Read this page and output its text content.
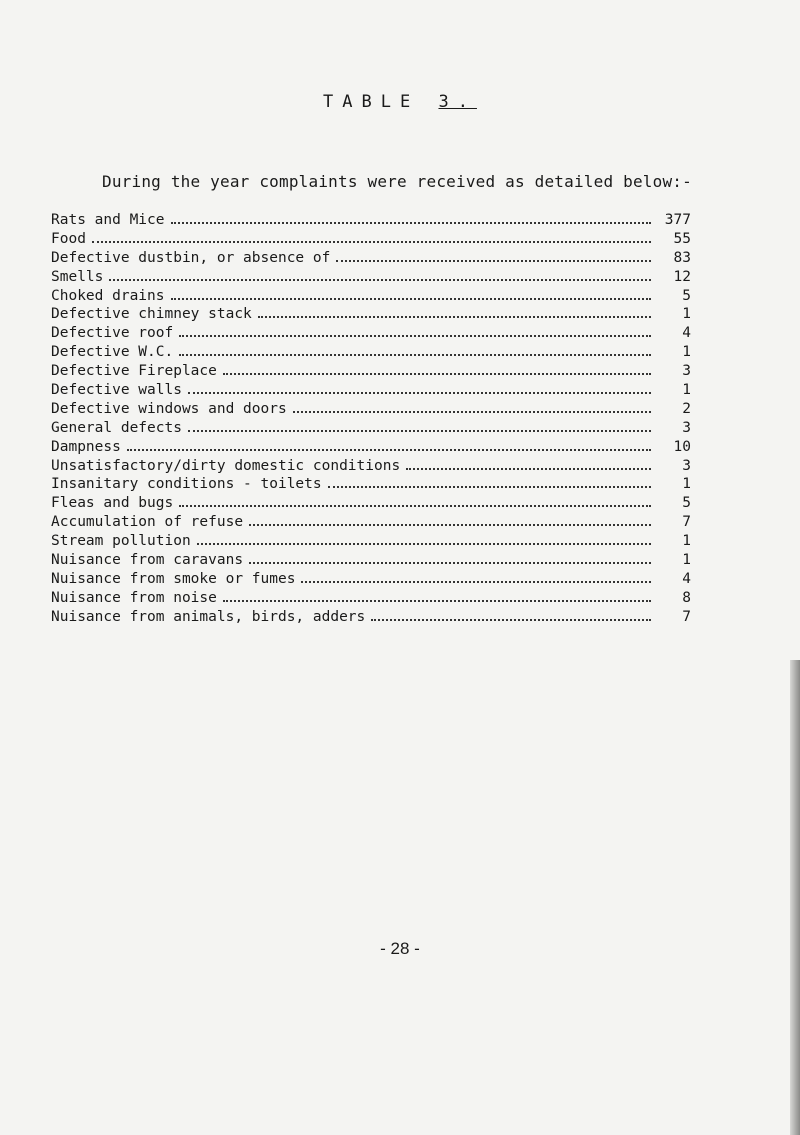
TABLE 3.
During the year complaints were received as detailed below:-
Rats and Mice	377
Food	55
Defective dustbin, or absence of	83
Smells	12
Choked drains	5
Defective chimney stack	1
Defective roof	4
Defective W.C.	1
Defective Fireplace	3
Defective walls	1
Defective windows and doors	2
General defects	3
Dampness	10
Unsatisfactory/dirty domestic conditions	3
Insanitary conditions - toilets	1
Fleas and bugs	5
Accumulation of refuse	7
Stream pollution	1
Nuisance from caravans	1
Nuisance from smoke or fumes	4
Nuisance from noise	8
Nuisance from animals, birds, adders	7
- 28 -
